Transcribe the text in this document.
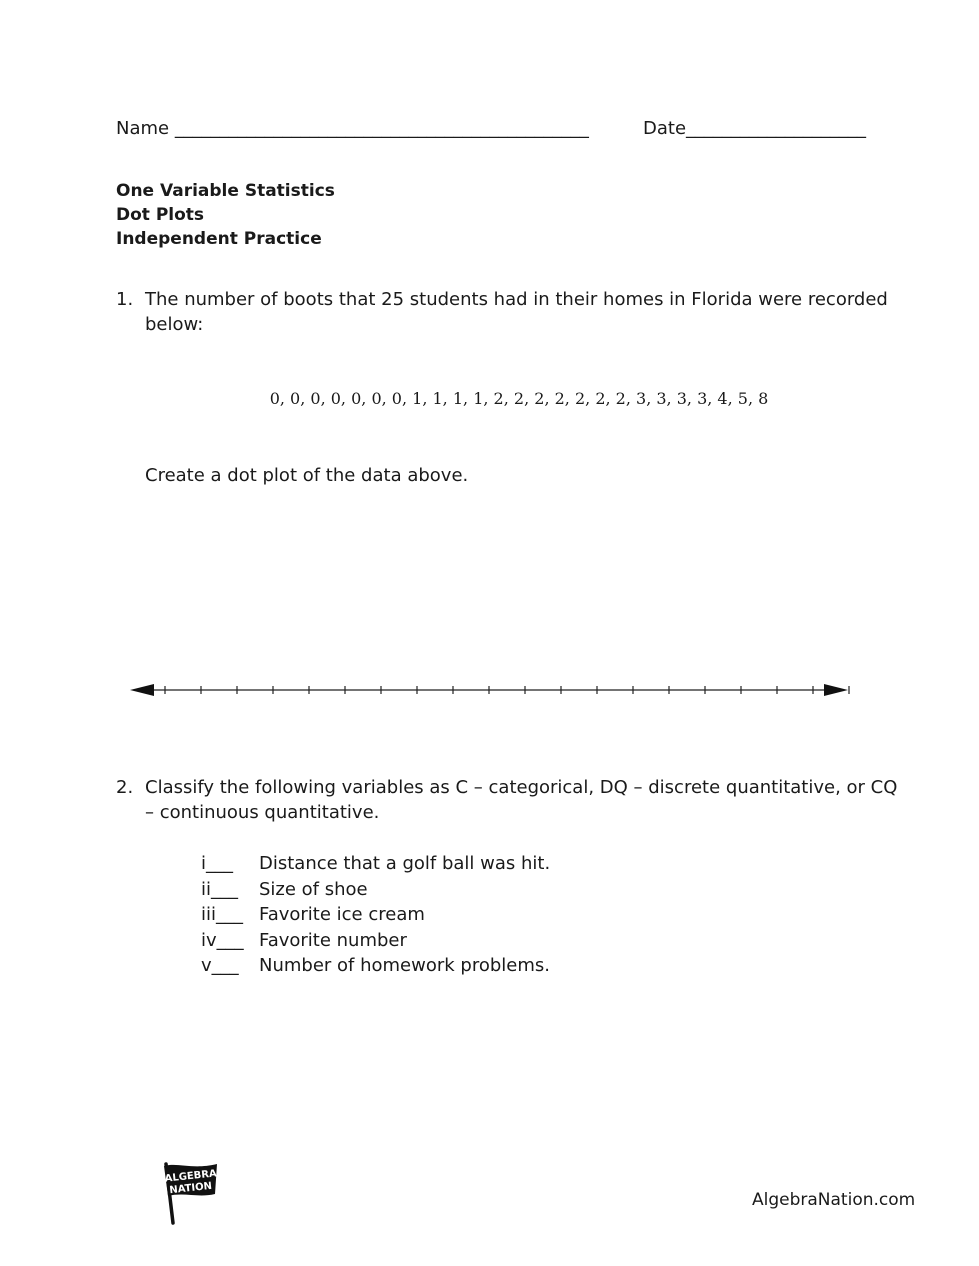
Name ______________________________________________	Date____________________
One Variable Statistics
Dot Plots
Independent Practice
1. The number of boots that 25 students had in their homes in Florida were recorded below:
0, 0, 0, 0, 0, 0, 0, 1, 1, 1, 1, 2, 2, 2, 2, 2, 2, 2, 3, 3, 3, 3, 4, 5, 8
Create a dot plot of the data above.
2. Classify the following variables as C – categorical, DQ – discrete quantitative, or CQ – continuous quantitative.
i___	Distance that a golf ball was hit.
ii___	Size of shoe
iii___ Favorite ice cream
iv___ Favorite number
v___	Number of homework problems.
ALGEBRA
NATION
AlgebraNation.com
